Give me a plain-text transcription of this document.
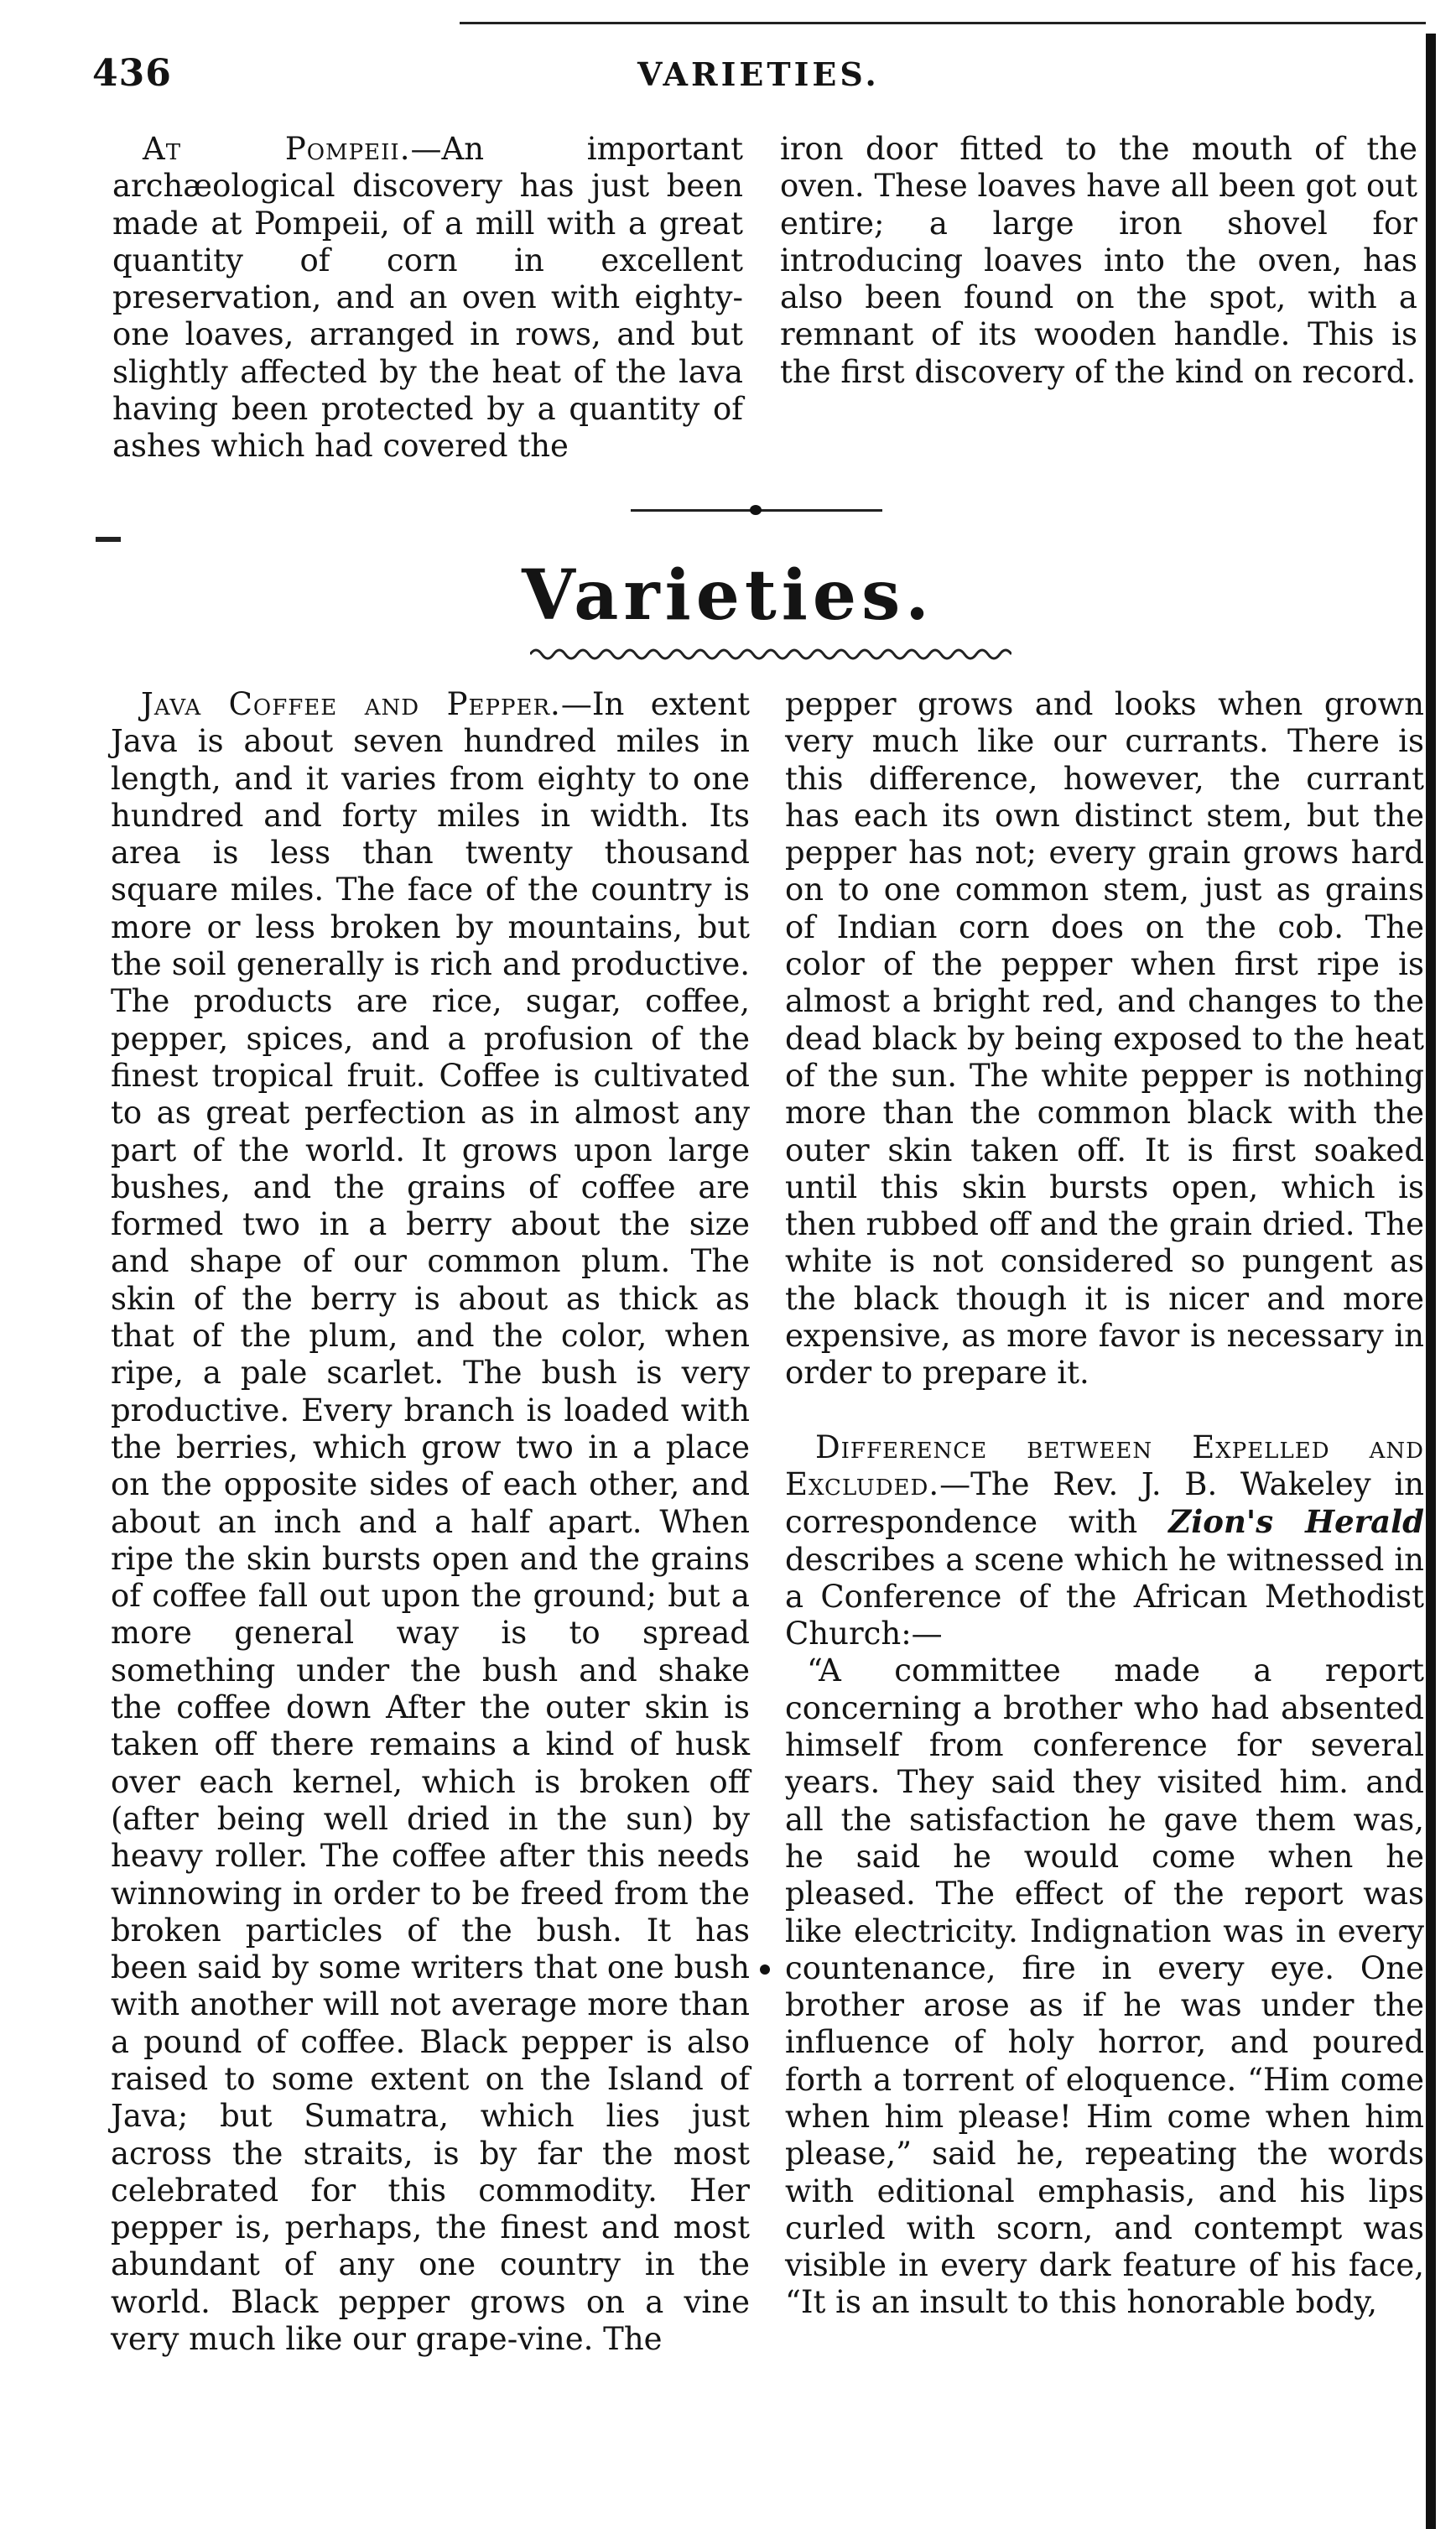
436	VARIETIES.

At Pompeii.—An important archæological discovery has just been made at Pompeii, of a mill with a great quantity of corn in excellent preservation, and an oven with eighty-one loaves, arranged in rows, and but slightly affected by the heat of the lava having been protected by a quantity of ashes which had covered the

iron door fitted to the mouth of the oven. These loaves have all been got out entire; a large iron shovel for introducing loaves into the oven, has also been found on the spot, with a remnant of its wooden handle. This is the first discovery of the kind on record.

Varieties.

Java Coffee and Pepper.—In extent Java is about seven hundred miles in length, and it varies from eighty to one hundred and forty miles in width. Its area is less than twenty thousand square miles. The face of the country is more or less broken by mountains, but the soil generally is rich and productive. The products are rice, sugar, coffee, pepper, spices, and a profusion of the finest tropical fruit. Coffee is cultivated to as great perfection as in almost any part of the world. It grows upon large bushes, and the grains of coffee are formed two in a berry about the size and shape of our common plum. The skin of the berry is about as thick as that of the plum, and the color, when ripe, a pale scarlet. The bush is very productive. Every branch is loaded with the berries, which grow two in a place on the opposite sides of each other, and about an inch and a half apart. When ripe the skin bursts open and the grains of coffee fall out upon the ground; but a more general way is to spread something under the bush and shake the coffee down After the outer skin is taken off there remains a kind of husk over each kernel, which is broken off (after being well dried in the sun) by heavy roller. The coffee after this needs winnowing in order to be freed from the broken particles of the bush. It has been said by some writers that one bush with another will not average more than a pound of coffee. Black pepper is also raised to some extent on the Island of Java; but Sumatra, which lies just across the straits, is by far the most celebrated for this commodity. Her pepper is, perhaps, the finest and most abundant of any one country in the world. Black pepper grows on a vine very much like our grape-vine. The

pepper grows and looks when grown very much like our currants. There is this difference, however, the currant has each its own distinct stem, but the pepper has not; every grain grows hard on to one common stem, just as grains of Indian corn does on the cob. The color of the pepper when first ripe is almost a bright red, and changes to the dead black by being exposed to the heat of the sun. The white pepper is nothing more than the common black with the outer skin taken off. It is first soaked until this skin bursts open, which is then rubbed off and the grain dried. The white is not considered so pungent as the black though it is nicer and more expensive, as more favor is necessary in order to prepare it.

Difference between Expelled and Excluded.—The Rev. J. B. Wakeley in correspondence with Zion's Herald describes a scene which he witnessed in a Conference of the African Methodist Church:—

“A committee made a report concerning a brother who had absented himself from conference for several years. They said they visited him. and all the satisfaction he gave them was, he said he would come when he pleased. The effect of the report was like electricity. Indignation was in every countenance, fire in every eye. One brother arose as if he was under the influence of holy horror, and poured forth a torrent of eloquence. “Him come when him please! Him come when him please,” said he, repeating the words with editional emphasis, and his lips curled with scorn, and contempt was visible in every dark feature of his face, “It is an insult to this honorable body,
